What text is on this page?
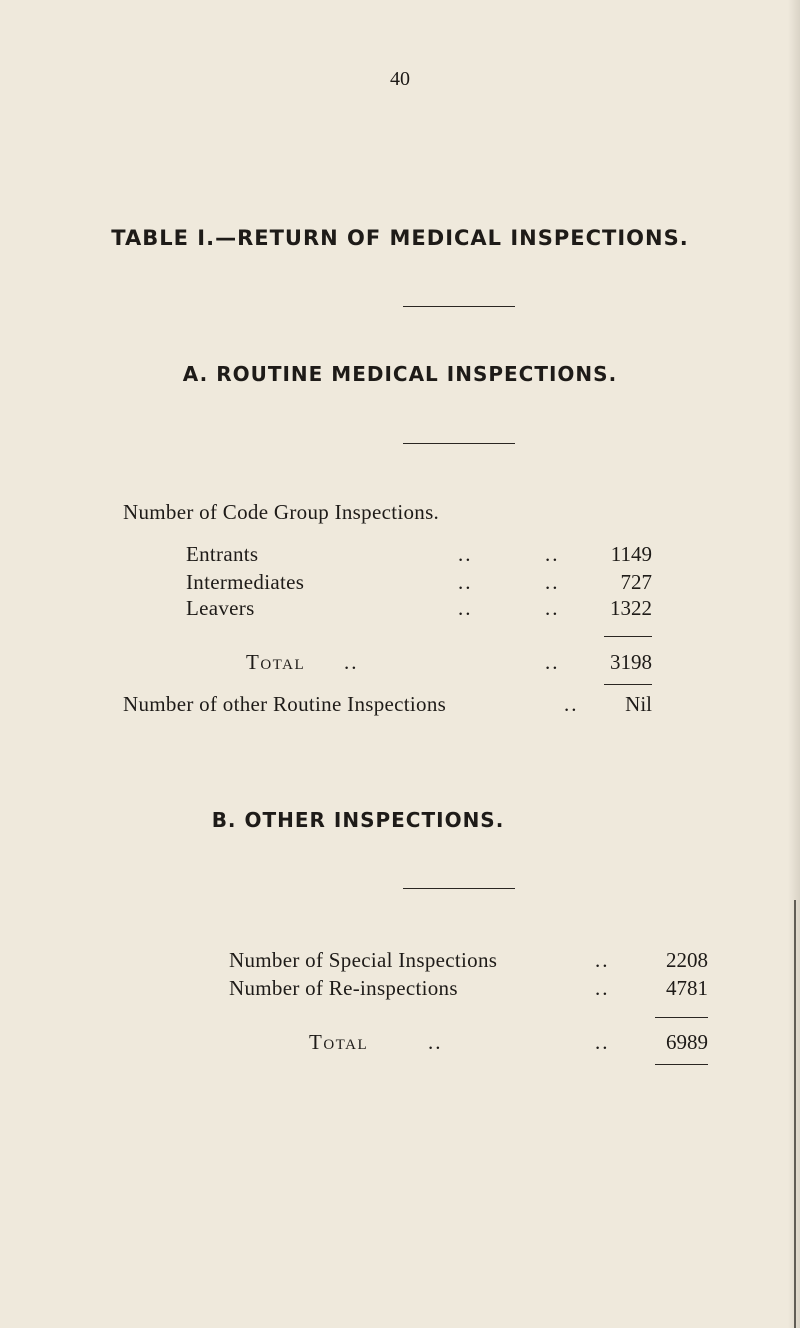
40
TABLE I.—RETURN OF MEDICAL INSPECTIONS.
A. ROUTINE MEDICAL INSPECTIONS.
Number of Code Group Inspections.
Entrants	..	..	1149
Intermediates	..	..	727
Leavers	..	..	1322
Total ..	..	3198
Number of other Routine Inspections	..	Nil
B. OTHER INSPECTIONS.
Number of Special Inspections	..	2208
Number of Re-inspections	..	4781
Total	..	..	6989
